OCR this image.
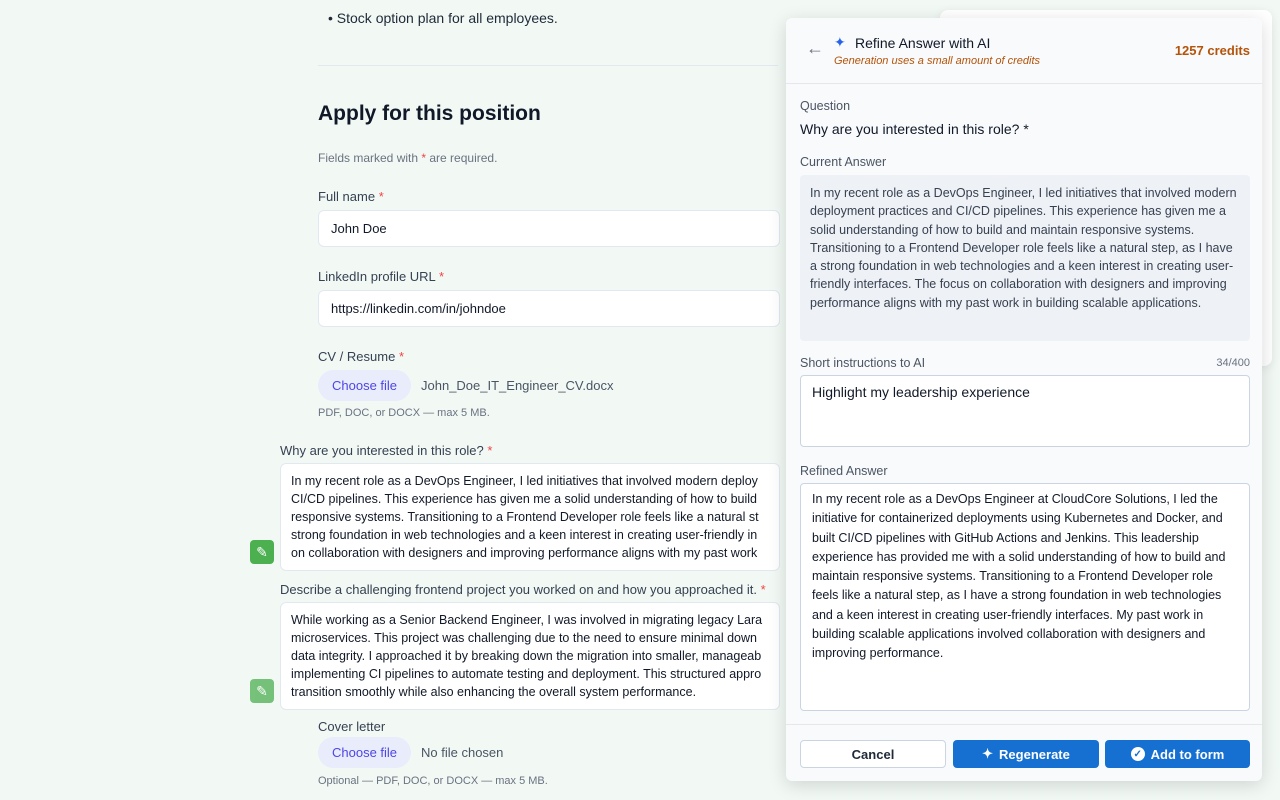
• Stock option plan for all employees.
Apply for this position
Fields marked with * are required.
Full name *
John Doe
LinkedIn profile URL *
https://linkedin.com/in/johndoe
CV / Resume *
Choose file	John_Doe_IT_Engineer_CV.docx
PDF, DOC, or DOCX — max 5 MB.
Why are you interested in this role? *
In my recent role as a DevOps Engineer, I led initiatives that involved modern deploy
CI/CD pipelines. This experience has given me a solid understanding of how to build
responsive systems. Transitioning to a Frontend Developer role feels like a natural st
strong foundation in web technologies and a keen interest in creating user-friendly in
on collaboration with designers and improving performance aligns with my past work
✎
Describe a challenging frontend project you worked on and how you approached it. *
While working as a Senior Backend Engineer, I was involved in migrating legacy Lara
microservices. This project was challenging due to the need to ensure minimal down
data integrity. I approached it by breaking down the migration into smaller, manageab
implementing CI pipelines to automate testing and deployment. This structured appro
transition smoothly while also enhancing the overall system performance.
✎
Cover letter
Choose file	No file chosen
Optional — PDF, DOC, or DOCX — max 5 MB.
← ✦ Refine Answer with AI
Generation uses a small amount of credits
1257 credits
Question
Why are you interested in this role? *
Current Answer
In my recent role as a DevOps Engineer, I led initiatives that involved modern deployment practices and CI/CD pipelines. This experience has given me a solid understanding of how to build and maintain responsive systems. Transitioning to a Frontend Developer role feels like a natural step, as I have a strong foundation in web technologies and a keen interest in creating user-friendly interfaces. The focus on collaboration with designers and improving performance aligns with my past work in building scalable applications.
Short instructions to AI	34/400
Highlight my leadership experience
Refined Answer
In my recent role as a DevOps Engineer at CloudCore Solutions, I led the initiative for containerized deployments using Kubernetes and Docker, and built CI/CD pipelines with GitHub Actions and Jenkins. This leadership experience has provided me with a solid understanding of how to build and maintain responsive systems. Transitioning to a Frontend Developer role feels like a natural step, as I have a strong foundation in web technologies and a keen interest in creating user-friendly interfaces. My past work in building scalable applications involved collaboration with designers and improving performance.
Cancel	✦ Regenerate	✓ Add to form
